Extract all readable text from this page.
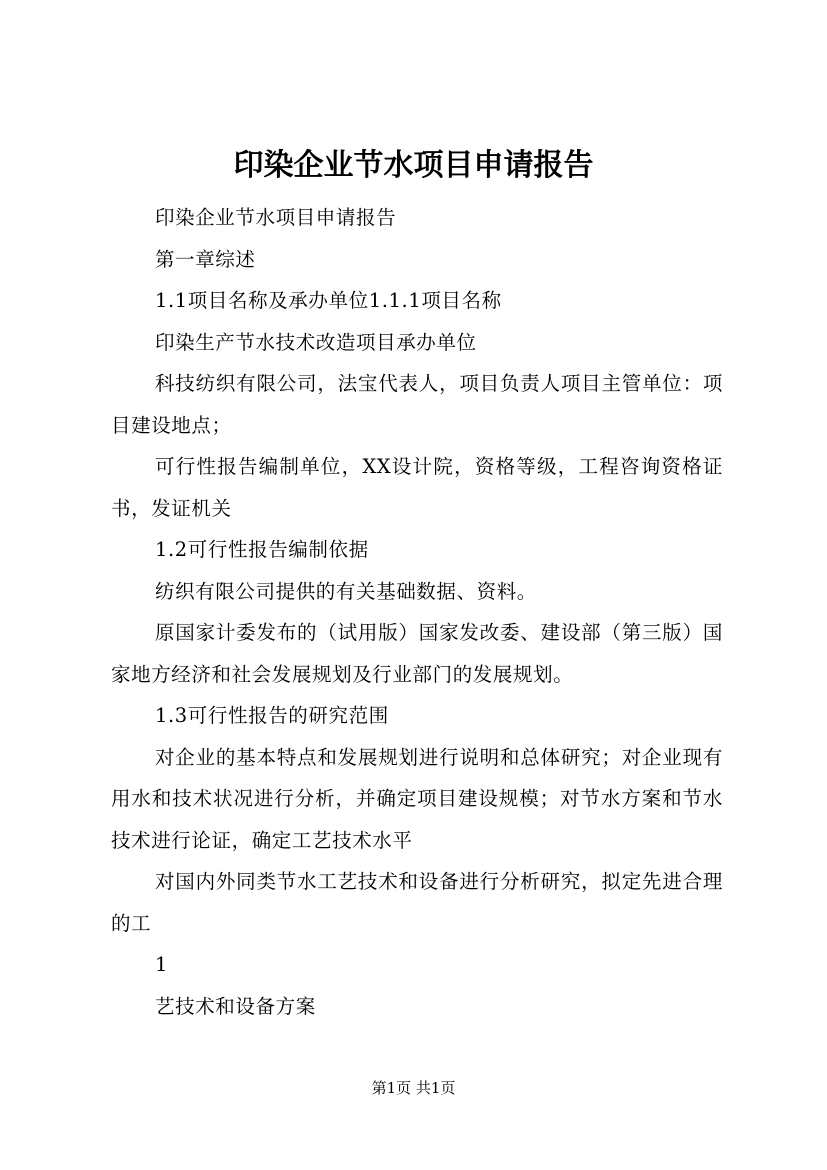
印染企业节水项目申请报告

印染企业节水项目申请报告

第一章综述

1.1项目名称及承办单位1.1.1项目名称

印染生产节水技术改造项目承办单位

科技纺织有限公司，法宝代表人，项目负责人项目主管单位：项目建设地点；

可行性报告编制单位，XX设计院，资格等级，工程咨询资格证书，发证机关

1.2可行性报告编制依据

纺织有限公司提供的有关基础数据、资料。

原国家计委发布的（试用版）国家发改委、建设部（第三版）国家地方经济和社会发展规划及行业部门的发展规划。

1.3可行性报告的研究范围

对企业的基本特点和发展规划进行说明和总体研究；对企业现有用水和技术状况进行分析，并确定项目建设规模；对节水方案和节水技术进行论证，确定工艺技术水平

对国内外同类节水工艺技术和设备进行分析研究，拟定先进合理的工

1

艺技术和设备方案

第1页 共1页
